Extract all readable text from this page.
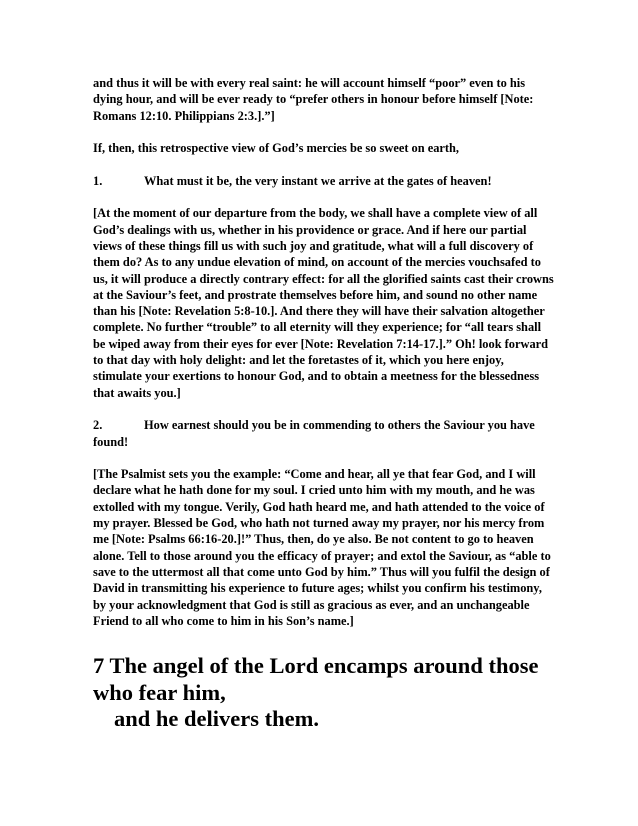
and thus it will be with every real saint: he will account himself “poor” even to his dying hour, and will be ever ready to “prefer others in honour before himself [Note: Romans 12:10. Philippians 2:3.].”]

If, then, this retrospective view of God’s mercies be so sweet on earth,

1.	What must it be, the very instant we arrive at the gates of heaven!

[At the moment of our departure from the body, we shall have a complete view of all God’s dealings with us, whether in his providence or grace. And if here our partial views of these things fill us with such joy and gratitude, what will a full discovery of them do? As to any undue elevation of mind, on account of the mercies vouchsafed to us, it will produce a directly contrary effect: for all the glorified saints cast their crowns at the Saviour’s feet, and prostrate themselves before him, and sound no other name than his [Note: Revelation 5:8-10.]. And there they will have their salvation altogether complete. No further “trouble” to all eternity will they experience; for “all tears shall be wiped away from their eyes for ever [Note: Revelation 7:14-17.].” Oh! look forward to that day with holy delight: and let the foretastes of it, which you here enjoy, stimulate your exertions to honour God, and to obtain a meetness for the blessedness that awaits you.]

2.	How earnest should you be in commending to others the Saviour you have found!

[The Psalmist sets you the example: “Come and hear, all ye that fear God, and I will declare what he hath done for my soul. I cried unto him with my mouth, and he was extolled with my tongue. Verily, God hath heard me, and hath attended to the voice of my prayer. Blessed be God, who hath not turned away my prayer, nor his mercy from me [Note: Psalms 66:16-20.]!” Thus, then, do ye also. Be not content to go to heaven alone. Tell to those around you the efficacy of prayer; and extol the Saviour, as “able to save to the uttermost all that come unto God by him.” Thus will you fulfil the design of David in transmitting his experience to future ages; whilst you confirm his testimony, by your acknowledgment that God is still as gracious as ever, and an unchangeable Friend to all who come to him in his Son’s name.]

7 The angel of the Lord encamps around those
who fear him,
and he delivers them.
